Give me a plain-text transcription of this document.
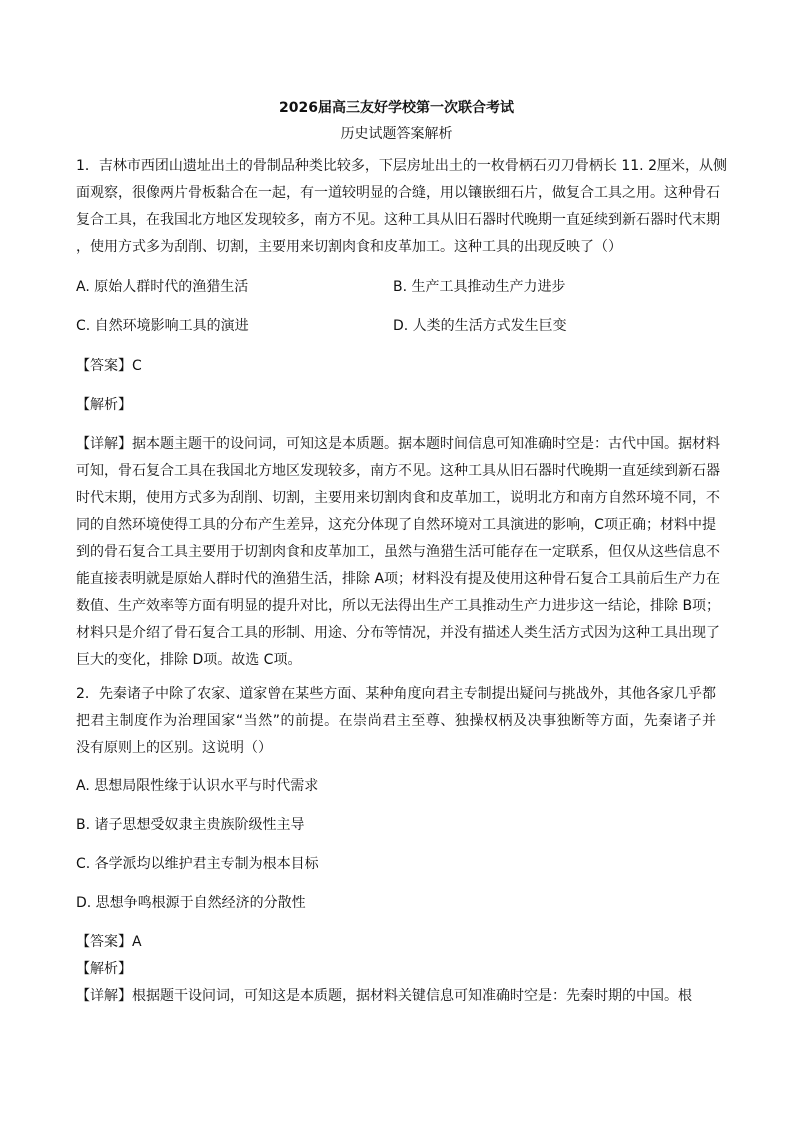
2026届高三友好学校第一次联合考试
历史试题答案解析
1．吉林市西团山遗址出土的骨制品种类比较多，下层房址出土的一枚骨柄石刃刀骨柄长 11. 2厘米，从侧
面观察，很像两片骨板黏合在一起，有一道较明显的合缝，用以镶嵌细石片，做复合工具之用。这种骨石
复合工具，在我国北方地区发现较多，南方不见。这种工具从旧石器时代晚期一直延续到新石器时代末期
，使用方式多为刮削、切割，主要用来切割肉食和皮革加工。这种工具的出现反映了（）
A. 原始人群时代的渔猎生活	B. 生产工具推动生产力进步
C. 自然环境影响工具的演进	D. 人类的生活方式发生巨变
【答案】C
【解析】
【详解】据本题主题干的设问词，可知这是本质题。据本题时间信息可知准确时空是：古代中国。据材料
可知，骨石复合工具在我国北方地区发现较多，南方不见。这种工具从旧石器时代晚期一直延续到新石器
时代末期，使用方式多为刮削、切割，主要用来切割肉食和皮革加工，说明北方和南方自然环境不同，不
同的自然环境使得工具的分布产生差异，这充分体现了自然环境对工具演进的影响，C项正确；材料中提
到的骨石复合工具主要用于切割肉食和皮革加工，虽然与渔猎生活可能存在一定联系，但仅从这些信息不
能直接表明就是原始人群时代的渔猎生活，排除 A项；材料没有提及使用这种骨石复合工具前后生产力在
数值、生产效率等方面有明显的提升对比，所以无法得出生产工具推动生产力进步这一结论，排除 B项；
材料只是介绍了骨石复合工具的形制、用途、分布等情况，并没有描述人类生活方式因为这种工具出现了
巨大的变化，排除 D项。故选 C项。
2．先秦诸子中除了农家、道家曾在某些方面、某种角度向君主专制提出疑问与挑战外，其他各家几乎都
把君主制度作为治理国家“当然”的前提。在崇尚君主至尊、独操权柄及决事独断等方面，先秦诸子并
没有原则上的区别。这说明（）
A. 思想局限性缘于认识水平与时代需求
B. 诸子思想受奴隶主贵族阶级性主导
C. 各学派均以维护君主专制为根本目标
D. 思想争鸣根源于自然经济的分散性
【答案】A
【解析】
【详解】根据题干设问词，可知这是本质题，据材料关键信息可知准确时空是：先秦时期的中国。根
